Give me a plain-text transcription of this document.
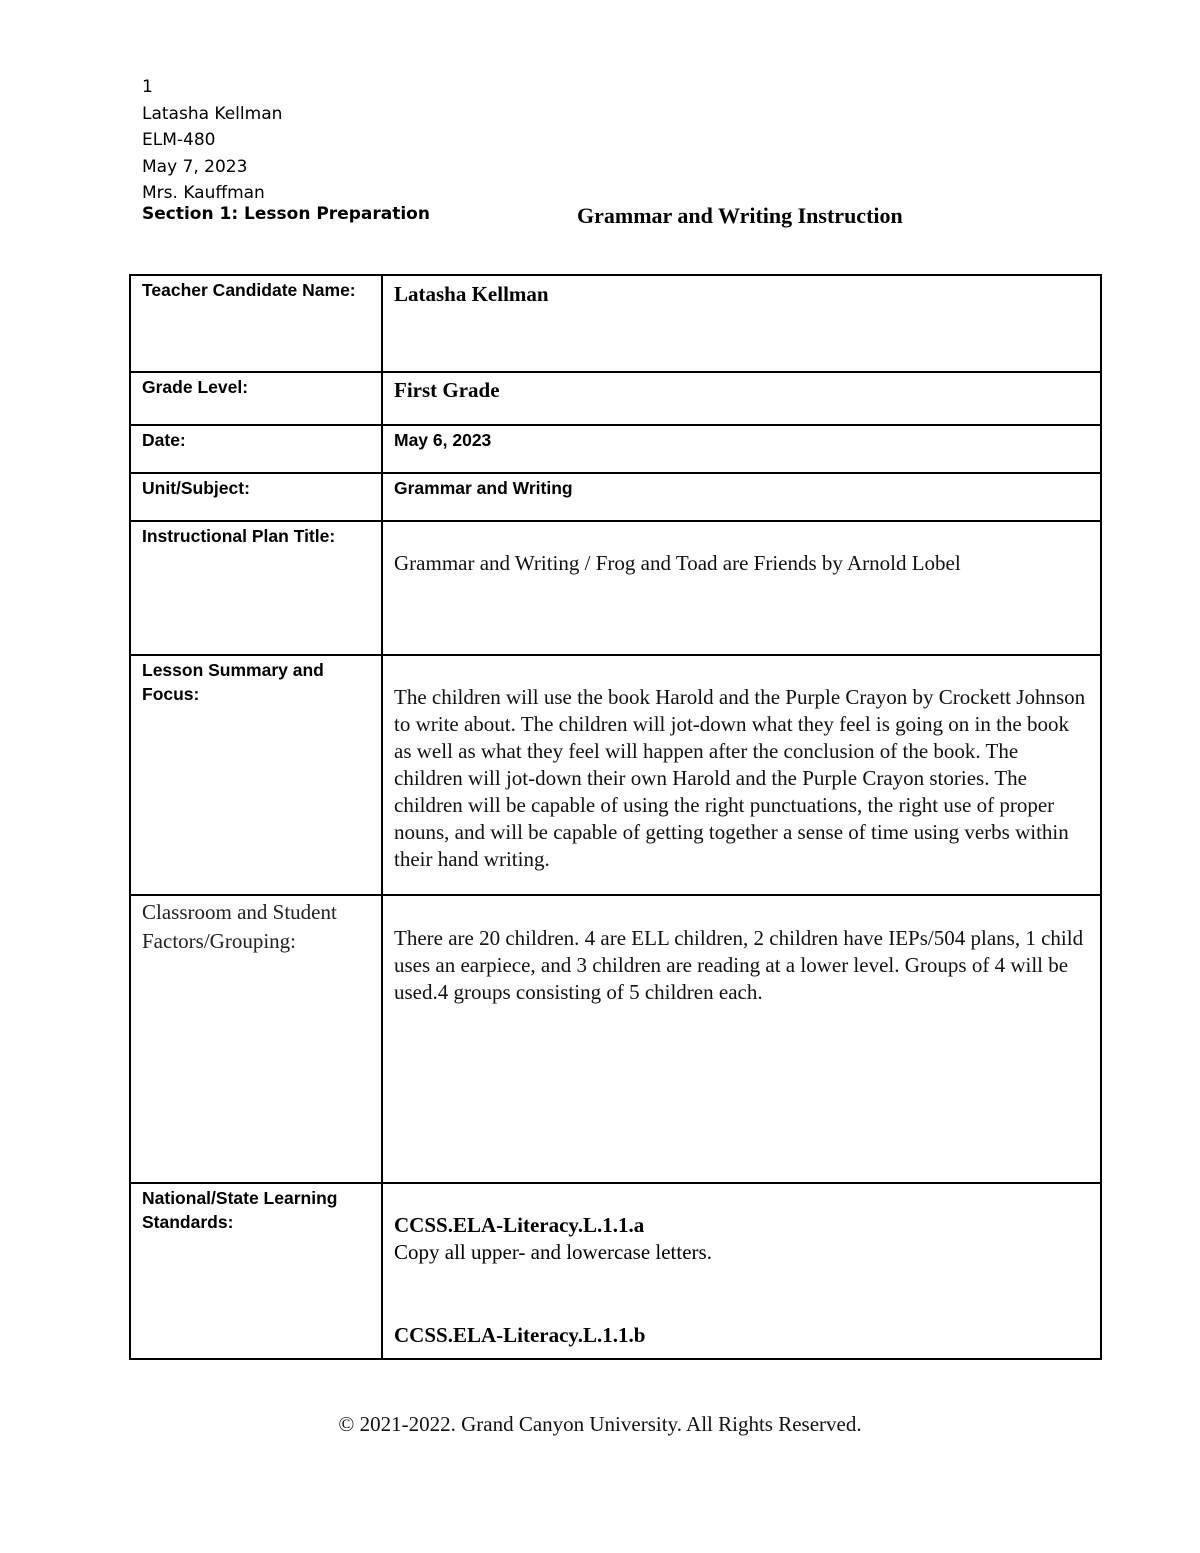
1
Latasha Kellman
ELM-480
May 7, 2023
Mrs. Kauffman
Section 1: Lesson Preparation	Grammar and Writing Instruction
Teacher Candidate Name:	Latasha Kellman

Grade Level:	First Grade

Date:	May 6, 2023

Unit/Subject:	Grammar and Writing

Instructional Plan Title:	Grammar and Writing / Frog and Toad are Friends by Arnold Lobel

Lesson Summary and Focus:	The children will use the book Harold and the Purple Crayon by Crockett Johnson to write about. The children will jot-down what they feel is going on in the book as well as what they feel will happen after the conclusion of the book. The children will jot-down their own Harold and the Purple Crayon stories. The children will be capable of using the right punctuations, the right use of proper nouns, and will be capable of getting together a sense of time using verbs within their hand writing.

Classroom and Student Factors/Grouping:	There are 20 children. 4 are ELL children, 2 children have IEPs/504 plans, 1 child uses an earpiece, and 3 children are reading at a lower level. Groups of 4 will be used.4 groups consisting of 5 children each.

National/State Learning Standards:	CCSS.ELA-Literacy.L.1.1.a
Copy all upper- and lowercase letters.
CCSS.ELA-Literacy.L.1.1.b
© 2021-2022. Grand Canyon University. All Rights Reserved.
